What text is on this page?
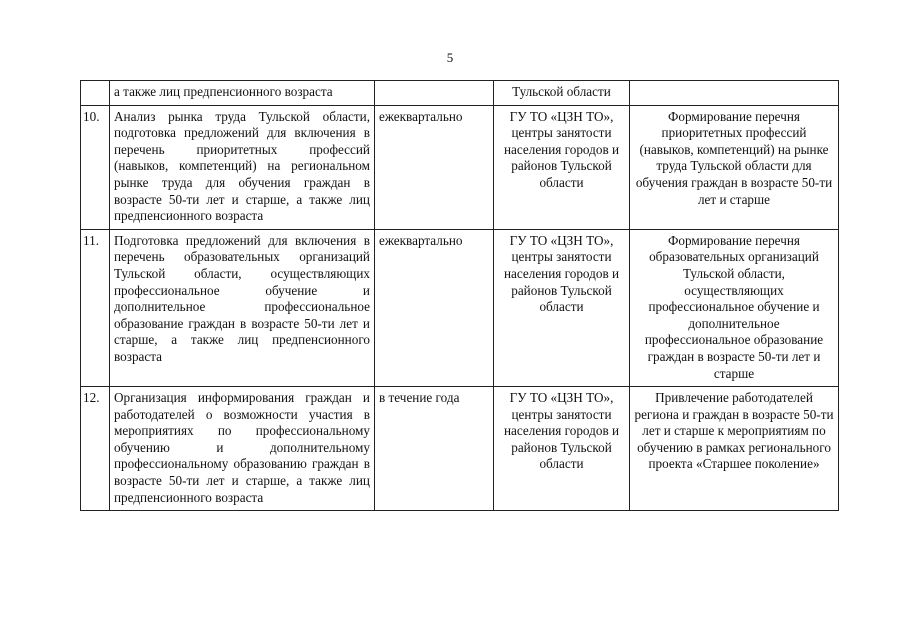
5
	а также лиц предпенсионного возраста		Тульской области	
10.	Анализ рынка труда Тульской области, подготовка предложений для включения в перечень приоритетных профессий (навыков, компетенций) на региональном рынке труда для обучения граждан в возрасте 50-ти лет и старше, а также лиц предпенсионного возраста	ежеквартально	ГУ ТО «ЦЗН ТО», центры занятости населения городов и районов Тульской области	Формирование перечня приоритетных профессий (навыков, компетенций) на рынке труда Тульской области для обучения граждан в возрасте 50-ти лет и старше
11.	Подготовка предложений для включения в перечень образовательных организаций Тульской области, осуществляющих профессиональное обучение и дополнительное профессиональное образование граждан в возрасте 50-ти лет и старше, а также лиц предпенсионного возраста	ежеквартально	ГУ ТО «ЦЗН ТО», центры занятости населения городов и районов Тульской области	Формирование перечня образовательных организаций Тульской области, осуществляющих профессиональное обучение и дополнительное профессиональное образование граждан в возрасте 50-ти лет и старше
12.	Организация информирования граждан и работодателей о возможности участия в мероприятиях по профессиональному обучению и дополнительному профессиональному образованию граждан в возрасте 50-ти лет и старше, а также лиц предпенсионного возраста	в течение года	ГУ ТО «ЦЗН ТО», центры занятости населения городов и районов Тульской области	Привлечение работодателей региона и граждан в возрасте 50-ти лет и старше к мероприятиям по обучению в рамках регионального проекта «Старшее поколение»
